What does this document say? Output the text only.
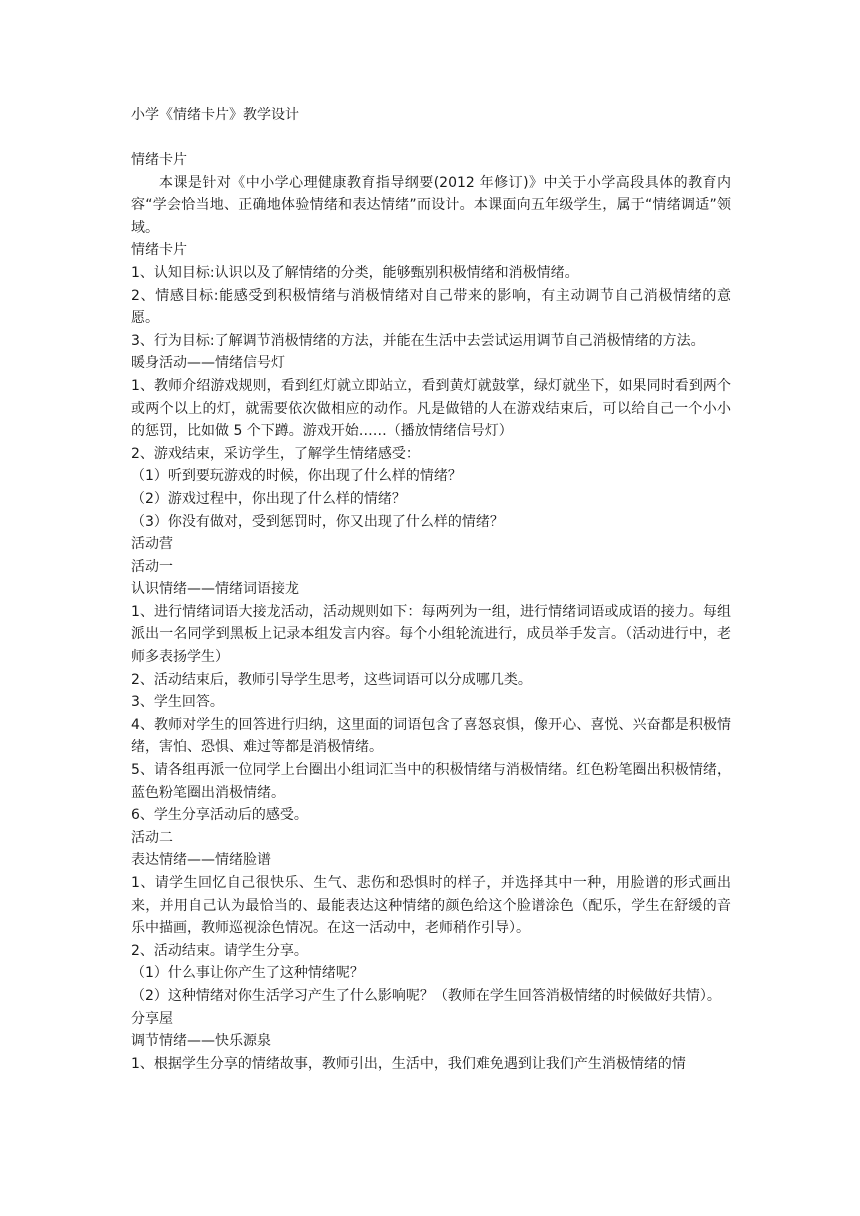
小学《情绪卡片》教学设计

情绪卡片

本课是针对《中小学心理健康教育指导纲要(2012 年修订)》中关于小学高段具体的教育内容“学会恰当地、正确地体验情绪和表达情绪”而设计。本课面向五年级学生，属于“情绪调适”领域。

情绪卡片

1、认知目标:认识以及了解情绪的分类，能够甄别积极情绪和消极情绪。

2、情感目标:能感受到积极情绪与消极情绪对自己带来的影响，有主动调节自己消极情绪的意愿。

3、行为目标:了解调节消极情绪的方法，并能在生活中去尝试运用调节自己消极情绪的方法。

暖身活动——情绪信号灯

1、教师介绍游戏规则，看到红灯就立即站立，看到黄灯就鼓掌，绿灯就坐下，如果同时看到两个或两个以上的灯，就需要依次做相应的动作。凡是做错的人在游戏结束后，可以给自己一个小小的惩罚，比如做 5 个下蹲。游戏开始……（播放情绪信号灯）

2、游戏结束，采访学生，了解学生情绪感受：

（1）听到要玩游戏的时候，你出现了什么样的情绪？

（2）游戏过程中，你出现了什么样的情绪？

（3）你没有做对，受到惩罚时，你又出现了什么样的情绪？

活动营

活动一

认识情绪——情绪词语接龙

1、进行情绪词语大接龙活动，活动规则如下：每两列为一组，进行情绪词语或成语的接力。每组派出一名同学到黑板上记录本组发言内容。每个小组轮流进行，成员举手发言。（活动进行中，老师多表扬学生）

2、活动结束后，教师引导学生思考，这些词语可以分成哪几类。

3、学生回答。

4、教师对学生的回答进行归纳，这里面的词语包含了喜怒哀惧，像开心、喜悦、兴奋都是积极情绪，害怕、恐惧、难过等都是消极情绪。

5、请各组再派一位同学上台圈出小组词汇当中的积极情绪与消极情绪。红色粉笔圈出积极情绪，蓝色粉笔圈出消极情绪。

6、学生分享活动后的感受。

活动二

表达情绪——情绪脸谱

1、请学生回忆自己很快乐、生气、悲伤和恐惧时的样子，并选择其中一种，用脸谱的形式画出来，并用自己认为最恰当的、最能表达这种情绪的颜色给这个脸谱涂色（配乐，学生在舒缓的音乐中描画，教师巡视涂色情况。在这一活动中，老师稍作引导）。

2、活动结束。请学生分享。

（1）什么事让你产生了这种情绪呢？

（2）这种情绪对你生活学习产生了什么影响呢？（教师在学生回答消极情绪的时候做好共情）。

分享屋

调节情绪——快乐源泉

1、根据学生分享的情绪故事，教师引出，生活中，我们难免遇到让我们产生消极情绪的情
